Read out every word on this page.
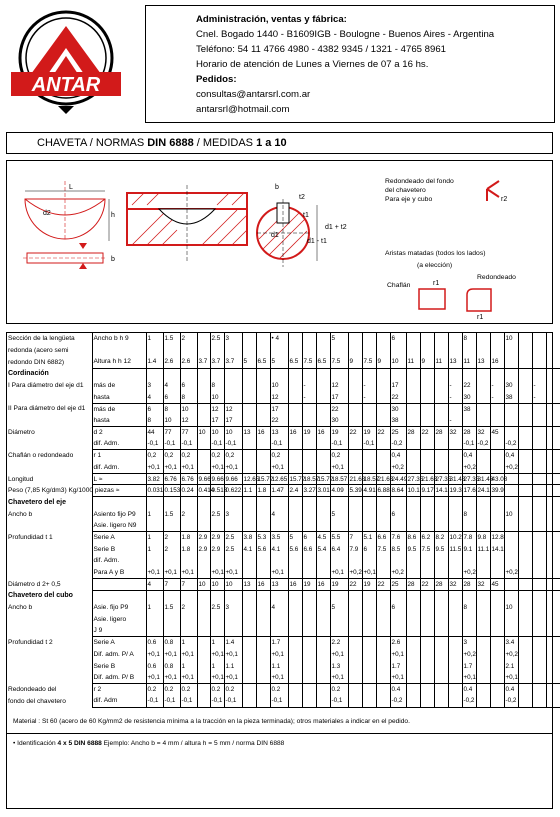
ANTAR
Administración, ventas y fábrica:
Cnel. Bogado 1440 - B1609IGB - Boulogne - Buenos Aires - Argentina
Teléfono: 54 11 4766 4980 - 4382 9345 / 1321 - 4765 8961
Horario de atención de Lunes a Viernes de 07 a 16 hs.
Pedidos:
consultas@antarsrl.com.ar
antarsrl@hotmail.com
CHAVETA / NORMAS DIN 6888 / MEDIDAS 1 a 10
L
d2	h
b
b
t2
t1
d1
d1 + t2
d1 - t1
Redondeado del fondo
del chavetero
Para eje y cubo	r2
Aristas matadas (todos los lados)
(a elección)
Chaflán
Redondeado
r1
r1
Sección de la lengüeta	Ancho b h 9	1	1.5	2		2.5	3			• 4				5				6					8			10			
redonda (acero semi																													
redondo DIN 6882)	Altura h h 12	1.4	2.6	2.6	3.7	3.7	3.7	5	6.5	5	6.5	7.5	6.5	7.5	9	7.5	9	10	11	9	11	13	11	13	16				
Cordinación																													
I Para diámetro del eje d1	más de	3	4	6		8				10		-		12		-		17				-	22		-	30		-	
	hasta	4	6	8		10				12		-		17		-		22				-	30		-	38		-	
II Para diámetro del eje d1	más de	6	8	10		12	12			17				22				30					38						
	hasta	8	10	12		17	17			22				30				38				-							
Diámetro	d 2	44	77	77	10	10	10	13	16	13	16	19	16	19	22	19	22	25	28	22	28	32	28	32	45				
	dif. Adm.	-0,1	-0,1	-0,1		-0,1	-0,1			-0,1				-0,1		-0,1		-0,2					-0,1	-0,2		-0,2			
Chaflán o redondeado	r 1	0,2	0,2	0,2		0,2	0,2			0,2				0,2				0,4					0,4			0,4			
	dif. Adm.	+0,1	+0,1	+0,1		+0,1	+0,1			+0,1				+0,1				+0,2					+0,2			+0,2			
Longitud	L ≈	3.82	6.76	6.76	9.66	9.66	9.66	12.65	15.72	12.65	15.72	18.57	15.72	18.57	21.63	18.57	21.63	24.49	27.35	21.63	27.35	31.43	27.35	31.43	43.08				
Peso (7,85 Kg/dm3) Kg/1000 piezas ≈		0.031	0.153	0.24	0.414	0.518	0.622	1.1	1.8	1.47	2.4	3.27	3.01	4.09	5.39	4.91	6.88	8.64	10.1	9.17	14.1	19.3	17.6	24.1	39.9				
Chavetero del eje																													
Ancho b	Asiento fijo P9	1	1.5	2		2.5	3			4				5				6					8			10			
	Asie. ligero N9																												
Profundidad t 1	Serie A	1	2	1.8	2.9	2.9	2.5	3.8	5.3	3.5	5	6	4.5	5.5	7	5.1	6.6	7.6	8.6	6.2	8.2	10.2	7.8	9.8	12.8				
	Serie B	1	2	1.8	2.9	2.9	2.5	4.1	5.6	4.1	5.6	6.6	5.4	6.4	7.9	6	7.5	8.5	9.5	7.5	9.5	11.5	9.1	11.1	14.1				
	dif. Adm.																												
	Para A y B	+0,1	+0,1	+0,1		+0,1	+0,1			+0,1				+0,1	+0,2	+0,1		+0,2					+0,2			+0,2			
Diámetro d 2+ 0,5		4	7	7	10	10	10	13	16	13	16	19	16	19	22	19	22	25	28	22	28	32	28	32	45				
Chavetero del cubo																													
Ancho b	Asie. fijo P9	1	1.5	2		2.5	3			4				5				6					8			10			
	Asie. ligero																												
	J 9																												
Profundidad t 2	Serie A	0.6	0.8	1		1	1.4			1.7				2.2				2.6					3			3.4			
	Dif. adm. P/ A	+0,1	+0,1	+0,1		+0,1	+0,1			+0,1				+0,1				+0,1					+0,2			+0,2			
	Serie B	0.6	0.8	1		1	1.1			1.1				1.3				1.7					1.7			2.1			
	Dif. adm. P/ B	+0,1	+0,1	+0,1		+0,1	+0,1			+0,1				+0,1				+0,1					+0,1			+0,1			
Redondeado del	r 2	0.2	0.2	0.2		0.2	0.2			0.2				0.2				0.4					0.4			0.4			
fondo del chavetero	dif. Adm	-0,1	-0,1	-0,1		-0,1	-0,1			-0,1				-0,1				-0,2					-0,2			-0,2			
Material : St 60 (acero de 60 Kg/mm2 de resistencia mínima a la tracción en la pieza terminada); otros materiales a indicar en el pedido.
• Identificación 4 x 5 DIN 6888 Ejemplo: Ancho b = 4 mm / altura h = 5 mm / norma DIN 6888
